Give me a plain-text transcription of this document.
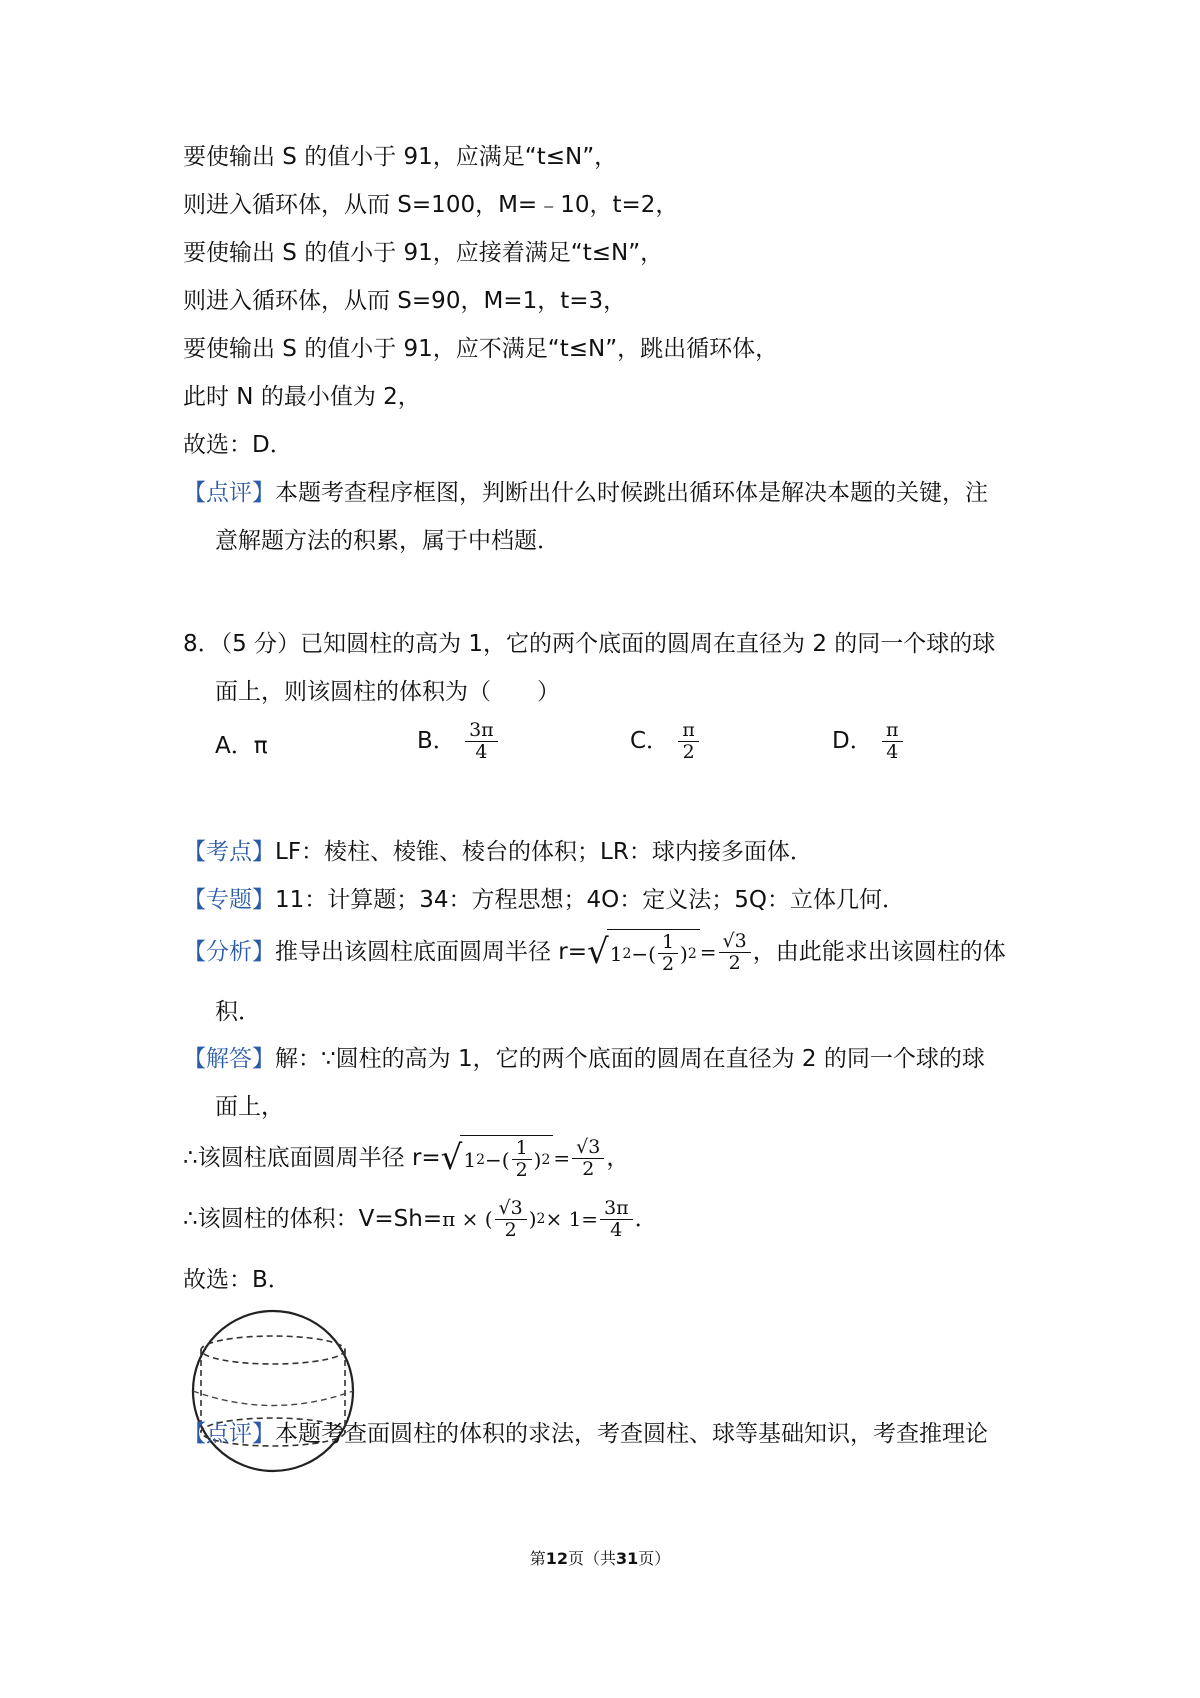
要使输出 S 的值小于 91，应满足“t≤N”，
则进入循环体，从而 S=100，M=﹣10，t=2，
要使输出 S 的值小于 91，应接着满足“t≤N”，
则进入循环体，从而 S=90，M=1，t=3，
要使输出 S 的值小于 91，应不满足“t≤N”，跳出循环体，
此时 N 的最小值为 2，
故选：D．
【点评】本题考查程序框图，判断出什么时候跳出循环体是解决本题的关键，注
意解题方法的积累，属于中档题．
8．（5 分）已知圆柱的高为 1，它的两个底面的圆周在直径为 2 的同一个球的球
面上，则该圆柱的体积为（　　）
A．π	B． $\frac{3\pi}{4}$	C． $\frac{\pi}{2}$	D． $\frac{\pi}{4}$
【考点】LF：棱柱、棱锥、棱台的体积；LR：球内接多面体．
【专题】11：计算题；34：方程思想；4O：定义法；5Q：立体几何．
【分析】 推导出该圆柱底面圆周半径 r= √ 1 2 −( $\frac{1}{2}$ ) $2 = \frac{√3}{2}$ ，由此能求出该圆柱的体
积．
【解答】解：∵圆柱的高为 1，它的两个底面的圆周在直径为 2 的同一个球的球
面上，
∴该圆柱底面圆周半径 r= √ 1 2 −( $\frac{1}{2}$ ) $2 = \frac{√3}{2}$ ，
∴该圆柱的体积：V=Sh= π × ( $\frac{√3}{2}$ ) $2 \times 1= \frac{3\pi}{4}$ ．
故选：B．
【点评】本题考查面圆柱的体积的求法，考查圆柱、球等基础知识，考查推理论
第12页（共31页）
